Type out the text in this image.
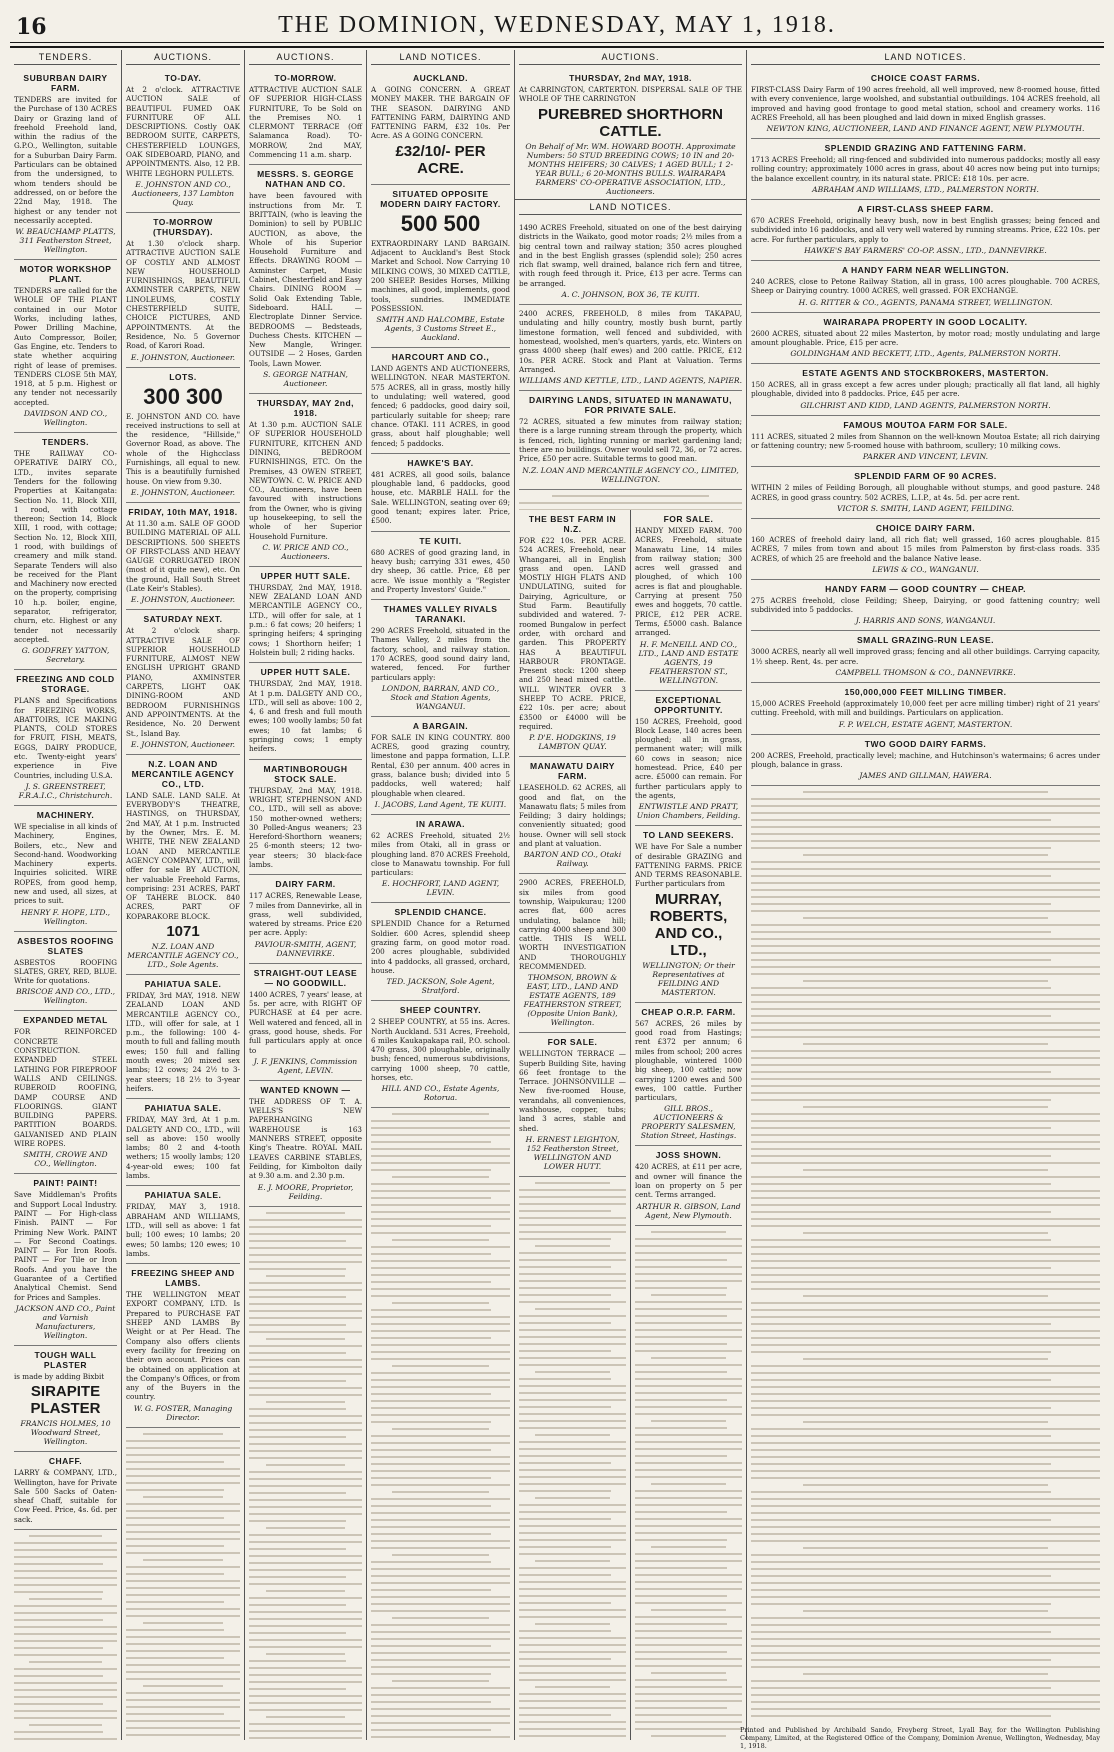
16	THE DOMINION, WEDNESDAY, MAY 1, 1918.
TENDERS.
SUBURBAN DAIRY FARM.
TENDERS are invited for the Purchase of 130 ACRES Dairy or Grazing land of freehold Freehold land, within the radius of the G.P.O., Wellington, suitable for a Suburban Dairy Farm. Particulars can be obtained from the undersigned, to whom tenders should be addressed, on or before the 22nd May, 1918. The highest or any tender not necessarily accepted.
W. BEAUCHAMP PLATTS, 311 Featherston Street, Wellington.
MOTOR WORKSHOP PLANT.
TENDERS are called for the WHOLE OF THE PLANT contained in our Motor Works, including lathes, Power Drilling Machine, Auto Compressor, Boiler, Gas Engine, etc. Tenders to state whether acquiring right of lease of premises. TENDERS CLOSE 5th MAY, 1918, at 5 p.m. Highest or any tender not necessarily accepted.
DAVIDSON AND CO., Wellington.
TENDERS.
THE RAILWAY CO-OPERATIVE DAIRY CO., LTD., invites separate Tenders for the following Properties at Kaitangata: Section No. 11, Block XIII, 1 rood, with cottage thereon; Section 14, Block XIII, 1 rood, with cottage; Section No. 12, Block XIII, 1 rood, with buildings of creamery and milk stand. Separate Tenders will also be received for the Plant and Machinery now erected on the property, comprising 10 h.p. boiler, engine, separator, refrigerator, churn, etc. Highest or any tender not necessarily accepted.
G. GODFREY YATTON, Secretary.
FREEZING AND COLD STORAGE.
PLANS and Specifications for FREEZING WORKS, ABATTOIRS, ICE MAKING PLANTS, COLD STORES for FRUIT, FISH, MEATS, EGGS, DAIRY PRODUCE, etc. Twenty-eight years' experience in Five Countries, including U.S.A.
J. S. GREENSTREET, F.R.A.I.C., Christchurch.
MACHINERY.
WE specialise in all kinds of Machinery, Engines, Boilers, etc., New and Second-hand. Woodworking Machinery experts. Inquiries solicited. WIRE ROPES, from good hemp, new and used, all sizes, at prices to suit.
HENRY F. HOPE, LTD., Wellington.
ASBESTOS ROOFING SLATES
ASBESTOS ROOFING SLATES, GREY, RED, BLUE. Write for quotations.
BRISCOE AND CO., LTD., Wellington.
EXPANDED METAL
FOR REINFORCED CONCRETE CONSTRUCTION. EXPANDED STEEL LATHING FOR FIREPROOF WALLS AND CEILINGS. RUBEROID ROOFING, DAMP COURSE AND FLOORINGS. GIANT BUILDING PAPERS. PARTITION BOARDS. GALVANISED AND PLAIN WIRE ROPES.
SMITH, CROWE AND CO., Wellington.
PAINT! PAINT!
Save Middleman's Profits and Support Local Industry. PAINT — For High-class Finish. PAINT — For Priming New Work. PAINT — For Second Coatings. PAINT — For Iron Roofs. PAINT — For Tile or Iron Roofs. And you have the Guarantee of a Certified Analytical Chemist. Send for Prices and Samples.
JACKSON AND CO., Paint and Varnish Manufacturers, Wellington.
TOUGH WALL PLASTER
is made by adding Bixbit
SIRAPITE PLASTER
FRANCIS HOLMES, 10 Woodward Street, Wellington.
CHAFF.
LARRY & COMPANY, LTD., Wellington, have for Private Sale 500 Sacks of Oaten-sheaf Chaff, suitable for Cow Feed. Price, 4s. 6d. per sack.
AUCTIONS.
TO-DAY.
At 2 o'clock. ATTRACTIVE AUCTION SALE of BEAUTIFUL FUMED OAK FURNITURE OF ALL DESCRIPTIONS. Costly OAK BEDROOM SUITE, CARPETS, CHESTERFIELD LOUNGES, OAK SIDEBOARD, PIANO, and APPOINTMENTS. Also, 12 P.B. WHITE LEGHORN PULLETS.
E. JOHNSTON AND CO., Auctioneers, 137 Lambton Quay.
TO-MORROW (THURSDAY).
At 1.30 o'clock sharp. ATTRACTIVE AUCTION SALE OF COSTLY AND ALMOST NEW HOUSEHOLD FURNISHINGS, BEAUTIFUL AXMINSTER CARPETS, NEW LINOLEUMS, COSTLY CHESTERFIELD SUITE, CHOICE PICTURES, AND APPOINTMENTS. At the Residence, No. 5 Governor Road, of Karori Road.
E. JOHNSTON, Auctioneer.
LOTS.
300 300
E. JOHNSTON AND CO. have received instructions to sell at the residence, "Hillside," Governor Road, as above. The whole of the Highcclass Furnishings, all equal to new. This is a beautifully furnished house. On view from 9.30.
E. JOHNSTON, Auctioneer.
FRIDAY, 10th MAY, 1918.
At 11.30 a.m. SALE OF GOOD BUILDING MATERIAL OF ALL DESCRIPTIONS. 500 SHEETS OF FIRST-CLASS AND HEAVY GAUGE CORRUGATED IRON (most of it quite new), etc. On the ground, Hall South Street (Late Keir's Stables).
E. JOHNSTON, Auctioneer.
SATURDAY NEXT.
At 2 o'clock sharp. ATTRACTIVE SALE OF SUPERIOR HOUSEHOLD FURNITURE, ALMOST NEW ENGLISH UPRIGHT GRAND PIANO, AXMINSTER CARPETS, LIGHT OAK DINING-ROOM AND BEDROOM FURNISHINGS AND APPOINTMENTS. At the Residence, No. 20 Derwent St., Island Bay.
E. JOHNSTON, Auctioneer.
N.Z. LOAN AND MERCANTILE AGENCY CO., LTD.
LAND SALE. LAND SALE. At EVERYBODY'S THEATRE, HASTINGS, on THURSDAY, 2nd MAY, At 1 p.m. Instructed by the Owner, Mrs. E. M. WHITE, THE NEW ZEALAND LOAN AND MERCANTILE AGENCY COMPANY, LTD., will offer for sale BY AUCTION, her valuable Freehold Farms, comprising: 231 ACRES, PART OF TAHERE BLOCK. 840 ACRES, PART OF KOPARAKORE BLOCK.
1071
N.Z. LOAN AND MERCANTILE AGENCY CO., LTD., Sole Agents.
PAHIATUA SALE.
FRIDAY, 3rd MAY, 1918. NEW ZEALAND LOAN AND MERCANTILE AGENCY CO., LTD., will offer for sale, at 1 p.m., the following: 100 4-mouth to full and falling mouth ewes; 150 full and falling mouth ewes; 20 mixed sex lambs; 12 cows; 24 2½ to 3-year steers; 18 2½ to 3-year heifers.
PAHIATUA SALE.
FRIDAY, MAY 3rd, At 1 p.m. DALGETY AND CO., LTD., will sell as above: 150 woolly lambs; 80 2 and 4-tooth wethers; 15 woolly lambs; 120 4-year-old ewes; 100 fat lambs.
PAHIATUA SALE.
FRIDAY, MAY 3, 1918. ABRAHAM AND WILLIAMS, LTD., will sell as above: 1 fat bull; 100 ewes; 10 lambs; 20 ewes; 50 lambs; 120 ewes; 10 lambs.
FREEZING SHEEP AND LAMBS.
THE WELLINGTON MEAT EXPORT COMPANY, LTD. Is Prepared to PURCHASE FAT SHEEP AND LAMBS By Weight or at Per Head. The Company also offers clients every facility for freezing on their own account. Prices can be obtained on application at the Company's Offices, or from any of the Buyers in the country.
W. G. FOSTER, Managing Director.
AUCTIONS.
TO-MORROW.
ATTRACTIVE AUCTION SALE OF SUPERIOR HIGH-CLASS FURNITURE, To be Sold on the Premises NO. 1 CLERMONT TERRACE (Off Salamanca Road). TO-MORROW, 2nd MAY, Commencing 11 a.m. sharp.
MESSRS. S. GEORGE NATHAN AND CO.
have been favoured with instructions from Mr. T. BRITTAIN, (who is leaving the Dominion) to sell by PUBLIC AUCTION, as above, the Whole of his Superior Household Furniture and Effects. DRAWING ROOM — Axminster Carpet, Music Cabinet, Chesterfield and Easy Chairs. DINING ROOM — Solid Oak Extending Table, Sideboard. HALL — Electroplate Dinner Service. BEDROOMS — Bedsteads, Duchess Chests. KITCHEN — New Mangle, Wringer. OUTSIDE — 2 Hoses, Garden Tools, Lawn Mower.
S. GEORGE NATHAN, Auctioneer.
THURSDAY, MAY 2nd, 1918.
At 1.30 p.m. AUCTION SALE OF SUPERIOR HOUSEHOLD FURNITURE, KITCHEN AND DINING, BEDROOM FURNISHINGS, ETC. On the Premises, 43 OWEN STREET, NEWTOWN. C. W. PRICE AND CO., Auctioneers, have been favoured with instructions from the Owner, who is giving up housekeeping, to sell the whole of her Superior Household Furniture.
C. W. PRICE AND CO., Auctioneers.
UPPER HUTT SALE.
THURSDAY, 2nd MAY, 1918. NEW ZEALAND LOAN AND MERCANTILE AGENCY CO., LTD., will offer for sale, at 1 p.m.: 6 fat cows; 20 heifers; 1 springing heifers; 4 springing cows; 1 Shorthorn heifer; 1 Holstein bull; 2 riding hacks.
UPPER HUTT SALE.
THURSDAY, 2nd MAY, 1918. At 1 p.m. DALGETY AND CO., LTD., will sell as above: 100 2, 4, 6 and fresh and full mouth ewes; 100 woolly lambs; 50 fat ewes; 10 fat lambs; 6 springing cows; 1 empty heifers.
MARTINBOROUGH STOCK SALE.
THURSDAY, 2nd MAY, 1918. WRIGHT, STEPHENSON AND CO., LTD., will sell as above: 150 mother-owned wethers; 30 Polled-Angus weaners; 23 Hereford-Shorthorn weaners; 25 6-month steers; 12 two-year steers; 30 black-face lambs.
DAIRY FARM.
117 ACRES, Renewable Lease, 7 miles from Dannevirke, all in grass, well subdivided, watered by streams. Price £20 per acre. Apply:
PAVIOUR-SMITH, AGENT, DANNEVIRKE.
STRAIGHT-OUT LEASE — NO GOODWILL.
1400 ACRES, 7 years' lease, at 5s. per acre, with RIGHT OF PURCHASE at £4 per acre. Well watered and fenced, all in grass, good house, sheds. For full particulars apply at once to
J. F. JENKINS, Commission Agent, LEVIN.
WANTED KNOWN —
THE ADDRESS OF T. A. WELLS'S NEW PAPERHANGING WAREHOUSE is 163 MANNERS STREET, opposite King's Theatre. ROYAL MAIL LEAVES CARBINE STABLES, Feilding, for Kimbolton daily at 9.30 a.m. and 2.30 p.m.
E. J. MOORE, Proprietor, Feilding.
LAND NOTICES.
AUCKLAND.
A GOING CONCERN. A GREAT MONEY MAKER. THE BARGAIN OF THE SEASON. DAIRYING AND FATTENING FARM, DAIRYING AND FATTENING FARM, £32 10s. Per Acre. AS A GOING CONCERN.
£32/10/- PER ACRE.
SITUATED OPPOSITE MODERN DAIRY FACTORY.
500 500
EXTRAORDINARY LAND BARGAIN. Adjacent to Auckland's Best Stock Market and School. Now Carrying 10 MILKING COWS, 30 MIXED CATTLE, 200 SHEEP. Besides Horses, Milking machines, all good, implements, good tools, sundries. IMMEDIATE POSSESSION.
SMITH AND HALCOMBE, Estate Agents, 3 Customs Street E., Auckland.
HARCOURT AND CO.,
LAND AGENTS AND AUCTIONEERS, WELLINGTON. NEAR MASTERTON. 575 ACRES, all in grass, mostly hilly to undulating; well watered, good fenced; 6 paddocks, good dairy soil, particularly suitable for sheep; rare chance. OTAKI. 111 ACRES, in good grass, about half ploughable; well fenced; 5 paddocks.
HAWKE'S BAY.
481 ACRES, all good soils, balance ploughable land, 6 paddocks, good house, etc. MARBLE HALL for the Sale. WELLINGTON, seating over 69; good tenant; expires later. Price, £500.
TE KUITI.
680 ACRES of good grazing land, in heavy bush; carrying 331 ewes, 450 dry sheep, 36 cattle. Price, £8 per acre. We issue monthly a "Register and Property Investors' Guide."
THAMES VALLEY RIVALS TARANAKI.
290 ACRES Freehold, situated in the Thames Valley, 2 miles from the factory, school, and railway station. 170 ACRES, good sound dairy land, watered, fenced. For further particulars apply:
LONDON, BARRAN, AND CO., Stock and Station Agents, WANGANUI.
A BARGAIN.
FOR SALE IN KING COUNTRY. 800 ACRES, good grazing country, limestone and pappa formation, L.I.P. Rental, £30 per annum. 400 acres in grass, balance bush; divided into 5 paddocks, well watered; half ploughable when cleared.
I. JACOBS, Land Agent, TE KUITI.
IN ARAWA.
62 ACRES Freehold, situated 2½ miles from Otaki, all in grass or ploughing land. 870 ACRES Freehold, close to Manawatu township. For full particulars:
E. HOCHFORT, LAND AGENT, LEVIN.
SPLENDID CHANCE.
SPLENDID Chance for a Returned Soldier. 600 Acres, splendid sheep grazing farm, on good motor road. 200 acres ploughable, subdivided into 4 paddocks, all grassed, orchard, house.
TED. JACKSON, Sole Agent, Stratford.
SHEEP COUNTRY.
2 SHEEP COUNTRY, at 55 ins. Acres. North Auckland. 531 Acres, Freehold, 6 miles Kaukapakapa rail, P.O. school. 470 grass, 300 ploughable, originally bush; fenced, numerous subdivisions, carrying 1000 sheep, 70 cattle, horses, etc.
HILL AND CO., Estate Agents, Rotorua.
AUCTIONS.
THURSDAY, 2nd MAY, 1918.
At CARRINGTON, CARTERTON. DISPERSAL SALE OF THE WHOLE OF THE CARRINGTON
PUREBRED SHORTHORN CATTLE.
On Behalf of Mr. WM. HOWARD BOOTH. Approximate Numbers: 50 STUD BREEDING COWS; 10 IN and 20-MONTHS HEIFERS; 30 CALVES; 1 AGED BULL; 1 2-YEAR BULL; 6 20-MONTHS BULLS. WAIRARAPA FARMERS' CO-OPERATIVE ASSOCIATION, LTD., Auctioneers.
LAND NOTICES.
1490 ACRES Freehold, situated on one of the best dairying districts in the Waikato, good motor roads; 2½ miles from a big central town and railway station; 350 acres ploughed and in the best English grasses (splendid sole); 250 acres rich flat swamp, well drained, balance rich fern and titree, with rough feed through it. Price, £13 per acre. Terms can be arranged.
A. C. JOHNSON, BOX 36, TE KUITI.
2400 ACRES, FREEHOLD, 8 miles from TAKAPAU, undulating and hilly country, mostly bush burnt, partly limestone formation, well fenced and subdivided, with homestead, woolshed, men's quarters, yards, etc. Winters on grass 4000 sheep (half ewes) and 200 cattle. PRICE, £12 10s. PER ACRE. Stock and Plant at Valuation. Terms Arranged.
WILLIAMS AND KETTLE, LTD., LAND AGENTS, NAPIER.
DAIRYING LANDS, SITUATED IN MANAWATU, FOR PRIVATE SALE.
72 ACRES, situated a few minutes from railway station; there is a large running stream through the property, which is fenced, rich, lighting running or market gardening land; there are no buildings. Owner would sell 72, 36, or 72 acres. Price, £50 per acre. Suitable terms to good man.
N.Z. LOAN AND MERCANTILE AGENCY CO., LIMITED, WELLINGTON.
THE BEST FARM IN N.Z.
FOR £22 10s. PER ACRE. 524 ACRES, Freehold, near Whangarei, all in English grass and open. LAND MOSTLY HIGH FLATS AND UNDULATING, suited for Dairying, Agriculture, or Stud Farm. Beautifully subdivided and watered. 7-roomed Bungalow in perfect order, with orchard and garden. This PROPERTY HAS A BEAUTIFUL HARBOUR FRONTAGE. Present stock: 1200 sheep and 250 head mixed cattle. WILL WINTER OVER 3 SHEEP TO ACRE. PRICE, £22 10s. per acre; about £3500 or £4000 will be required.
P. D'E. HODGKINS, 19 LAMBTON QUAY.
MANAWATU DAIRY FARM.
LEASEHOLD. 62 ACRES, all good and flat, on the Manawatu flats; 5 miles from Feilding; 3 dairy holdings; conveniently situated; good house. Owner will sell stock and plant at valuation.
BARTON AND CO., Otaki Railway.
2900 ACRES, FREEHOLD, six miles from good township, Waipukurau; 1200 acres flat, 600 acres undulating, balance hill; carrying 4000 sheep and 300 cattle. THIS IS WELL WORTH INVESTIGATION AND THOROUGHLY RECOMMENDED.
THOMSON, BROWN & EAST, LTD., LAND AND ESTATE AGENTS, 189 FEATHERSTON STREET, (Opposite Union Bank), Wellington.
FOR SALE.
WELLINGTON TERRACE — Superb Building Site, having 66 feet frontage to the Terrace. JOHNSONVILLE — New five-roomed House, verandahs, all conveniences, washhouse, copper, tubs; land 3 acres, stable and shed.
H. ERNEST LEIGHTON, 152 Featherston Street, WELLINGTON AND LOWER HUTT.
FOR SALE.
HANDY MIXED FARM. 700 ACRES, Freehold, situate Manawatu Line, 14 miles from railway station; 300 acres well grassed and ploughed, of which 100 acres is flat and ploughable. Carrying at present 750 ewes and hoggets, 70 cattle. PRICE, £12 PER ACRE. Terms, £5000 cash. Balance arranged.
H. F. McNEILL AND CO., LTD., LAND AND ESTATE AGENTS, 19 FEATHERSTON ST., WELLINGTON.
EXCEPTIONAL OPPORTUNITY.
150 ACRES, Freehold, good Block Lease, 140 acres been ploughed; all in grass, permanent water; will milk 60 cows in season; nice homestead. Price, £40 per acre. £5000 can remain. For further particulars apply to the agents,
ENTWISTLE AND PRATT, Union Chambers, Feilding.
TO LAND SEEKERS.
WE have For Sale a number of desirable GRAZING and FATTENING FARMS. PRICE AND TERMS REASONABLE. Further particulars from
MURRAY, ROBERTS, AND CO., LTD.,
WELLINGTON; Or their Representatives at FEILDING AND MASTERTON.
CHEAP O.R.P. FARM.
567 ACRES, 26 miles by good road from Hastings; rent £372 per annum; 6 miles from school; 200 acres ploughable, wintered 1000 big sheep, 100 cattle; now carrying 1200 ewes and 500 ewes, 100 cattle. Further particulars,
GILL BROS., AUCTIONEERS & PROPERTY SALESMEN, Station Street, Hastings.
JOSS SHOWN.
420 ACRES, at £11 per acre, and owner will finance the loan on property on 5 per cent. Terms arranged.
ARTHUR R. GIBSON, Land Agent, New Plymouth.
LAND NOTICES.
CHOICE COAST FARMS.
FIRST-CLASS Dairy Farm of 190 acres freehold, all well improved, new 8-roomed house, fitted with every convenience, large woolshed, and substantial outbuildings. 104 ACRES freehold, all improved and having good frontage to good metal station, school and creamery works. 116 ACRES Freehold, all has been ploughed and laid down in mixed English grasses.
NEWTON KING, AUCTIONEER, LAND AND FINANCE AGENT, NEW PLYMOUTH.
SPLENDID GRAZING AND FATTENING FARM.
1713 ACRES Freehold; all ring-fenced and subdivided into numerous paddocks; mostly all easy rolling country; approximately 1000 acres in grass, about 40 acres now being put into turnips; the balance excellent country, in its natural state. PRICE: £18 10s. per acre.
ABRAHAM AND WILLIAMS, LTD., PALMERSTON NORTH.
A FIRST-CLASS SHEEP FARM.
670 ACRES Freehold, originally heavy bush, now in best English grasses; being fenced and subdivided into 16 paddocks, and all very well watered by running streams. Price, £22 10s. per acre. For further particulars, apply to
HAWKE'S BAY FARMERS' CO-OP. ASSN., LTD., DANNEVIRKE.
A HANDY FARM NEAR WELLINGTON.
240 ACRES, close to Petone Railway Station, all in grass, 100 acres ploughable. 700 ACRES, Sheep or Dairying country. 1000 ACRES, well grassed. FOR EXCHANGE.
H. G. RITTER & CO., AGENTS, PANAMA STREET, WELLINGTON.
WAIRARAPA PROPERTY IN GOOD LOCALITY.
2600 ACRES, situated about 22 miles Masterton, by motor road; mostly undulating and large amount ploughable. Price, £15 per acre.
GOLDINGHAM AND BECKETT, LTD., Agents, PALMERSTON NORTH.
ESTATE AGENTS AND STOCKBROKERS, MASTERTON.
150 ACRES, all in grass except a few acres under plough; practically all flat land, all highly ploughable, divided into 8 paddocks. Price, £45 per acre.
GILCHRIST AND KIDD, LAND AGENTS, PALMERSTON NORTH.
FAMOUS MOUTOA FARM FOR SALE.
111 ACRES, situated 2 miles from Shannon on the well-known Moutoa Estate; all rich dairying or fattening country; new 5-roomed house with bathroom, scullery; 10 milking cows.
PARKER AND VINCENT, LEVIN.
SPLENDID FARM OF 90 ACRES.
WITHIN 2 miles of Feilding Borough, all ploughable without stumps, and good pasture. 248 ACRES, in good grass country. 502 ACRES, L.I.P., at 4s. 5d. per acre rent.
VICTOR S. SMITH, LAND AGENT, FEILDING.
CHOICE DAIRY FARM.
160 ACRES of freehold dairy land, all rich flat; well grassed, 160 acres ploughable. 815 ACRES, 7 miles from town and about 15 miles from Palmerston by first-class roads. 335 ACRES, of which 25 are freehold and the balance Native lease.
LEWIS & CO., WANGANUI.
HANDY FARM — GOOD COUNTRY — CHEAP.
275 ACRES freehold, close Feilding; Sheep, Dairying, or good fattening country; well subdivided into 5 paddocks.
J. HARRIS AND SONS, WANGANUI.
SMALL GRAZING-RUN LEASE.
3000 ACRES, nearly all well improved grass; fencing and all other buildings. Carrying capacity, 1½ sheep. Rent, 4s. per acre.
CAMPBELL THOMSON & CO., DANNEVIRKE.
150,000,000 FEET MILLING TIMBER.
15,000 ACRES Freehold (approximately 10,000 feet per acre milling timber) right of 21 years' cutting. Freehold, with mill and buildings. Particulars on application.
F. P. WELCH, ESTATE AGENT, MASTERTON.
TWO GOOD DAIRY FARMS.
200 ACRES, Freehold, practically level; machine, and Hutchinson's watermains; 6 acres under plough, balance in grass.
JAMES AND GILLMAN, HAWERA.
Printed and Published by Archibald Sando, Freyberg Street, Lyall Bay, for the Wellington Publishing Company, Limited, at the Registered Office of the Company, Dominion Avenue, Wellington, Wednesday, May 1, 1918.
